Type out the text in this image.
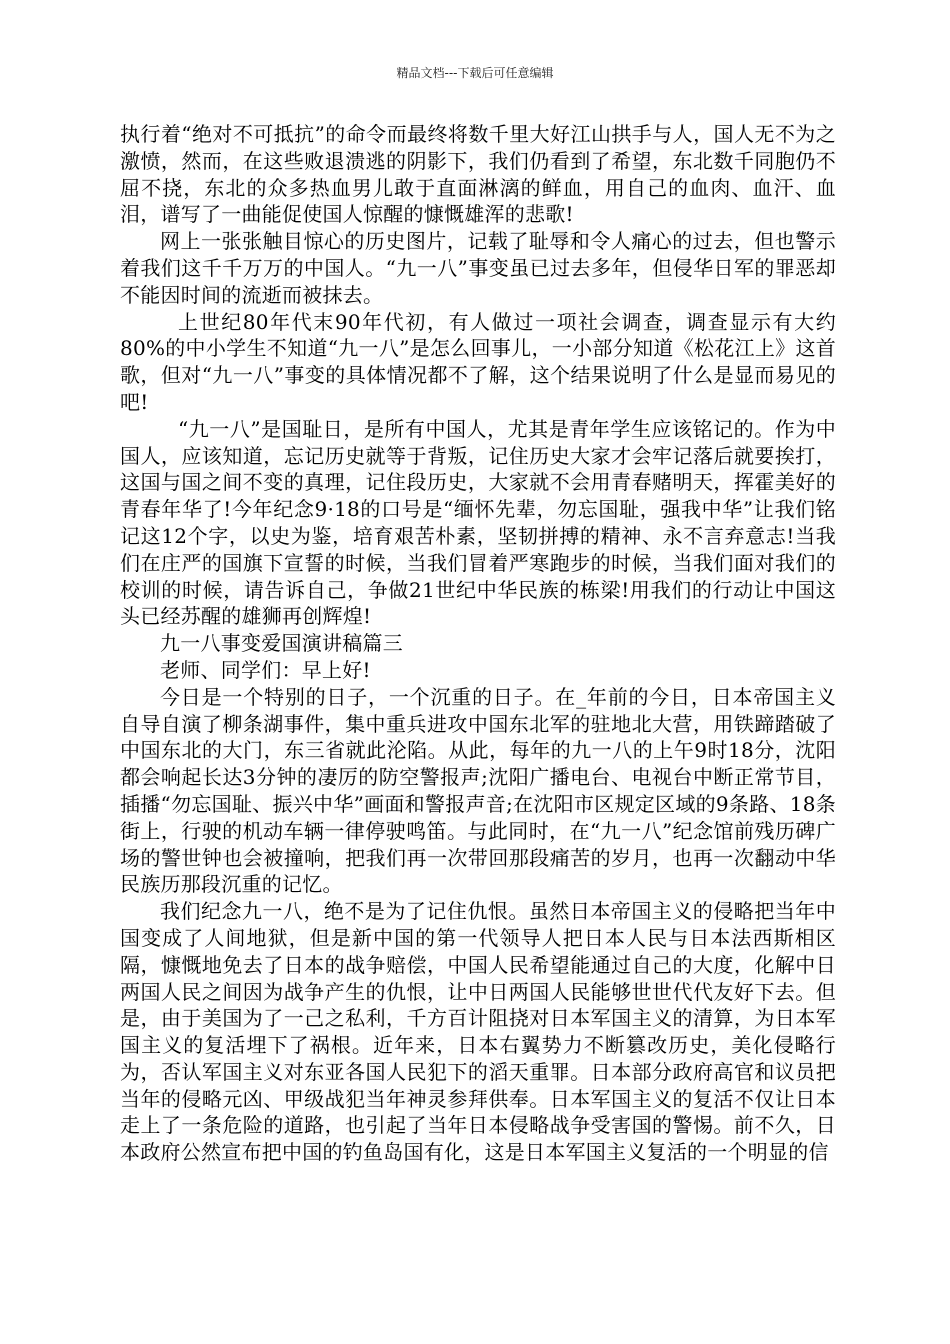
精品文档---下载后可任意编辑

执行着“绝对不可抵抗”的命令而最终将数千里大好江山拱手与人，国人无不为之激愤，然而，在这些败退溃逃的阴影下，我们仍看到了希望，东北数千同胞仍不屈不挠，东北的众多热血男儿敢于直面淋漓的鲜血，用自己的血肉、血汗、血泪，谱写了一曲能促使国人惊醒的慷慨雄浑的悲歌!

网上一张张触目惊心的历史图片，记载了耻辱和令人痛心的过去，但也警示着我们这千千万万的中国人。“九一八”事变虽已过去多年，但侵华日军的罪恶却不能因时间的流逝而被抹去。

上世纪80年代末90年代初，有人做过一项社会调查，调查显示有大约80%的中小学生不知道“九一八”是怎么回事儿，一小部分知道《松花江上》这首歌，但对“九一八”事变的具体情况都不了解，这个结果说明了什么是显而易见的吧!

“九一八”是国耻日，是所有中国人，尤其是青年学生应该铭记的。作为中国人，应该知道，忘记历史就等于背叛，记住历史大家才会牢记落后就要挨打，这国与国之间不变的真理，记住段历史，大家就不会用青春赌明天，挥霍美好的青春年华了!今年纪念9·18的口号是“缅怀先辈，勿忘国耻，强我中华”让我们铭记这12个字，以史为鉴，培育艰苦朴素，坚韧拼搏的精神、永不言弃意志!当我们在庄严的国旗下宣誓的时候，当我们冒着严寒跑步的时候，当我们面对我们的校训的时候，请告诉自己，争做21世纪中华民族的栋梁!用我们的行动让中国这头已经苏醒的雄狮再创辉煌!

九一八事变爱国演讲稿篇三

老师、同学们：早上好!

今日是一个特别的日子，一个沉重的日子。在_年前的今日，日本帝国主义自导自演了柳条湖事件，集中重兵进攻中国东北军的驻地北大营，用铁蹄踏破了中国东北的大门，东三省就此沦陷。从此，每年的九一八的上午9时18分，沈阳都会响起长达3分钟的凄厉的防空警报声;沈阳广播电台、电视台中断正常节目，插播“勿忘国耻、振兴中华”画面和警报声音;在沈阳市区规定区域的9条路、18条街上，行驶的机动车辆一律停驶鸣笛。与此同时，在“九一八”纪念馆前残历碑广场的警世钟也会被撞响，把我们再一次带回那段痛苦的岁月，也再一次翻动中华民族历那段沉重的记忆。

我们纪念九一八，绝不是为了记住仇恨。虽然日本帝国主义的侵略把当年中国变成了人间地狱，但是新中国的第一代领导人把日本人民与日本法西斯相区隔，慷慨地免去了日本的战争赔偿，中国人民希望能通过自己的大度，化解中日两国人民之间因为战争产生的仇恨，让中日两国人民能够世世代代友好下去。但是，由于美国为了一己之私利，千方百计阻挠对日本军国主义的清算，为日本军国主义的复活埋下了祸根。近年来，日本右翼势力不断篡改历史，美化侵略行为，否认军国主义对东亚各国人民犯下的滔天重罪。日本部分政府高官和议员把当年的侵略元凶、甲级战犯当年神灵参拜供奉。日本军国主义的复活不仅让日本走上了一条危险的道路，也引起了当年日本侵略战争受害国的警惕。前不久，日本政府公然宣布把中国的钓鱼岛国有化，这是日本军国主义复活的一个明显的信
